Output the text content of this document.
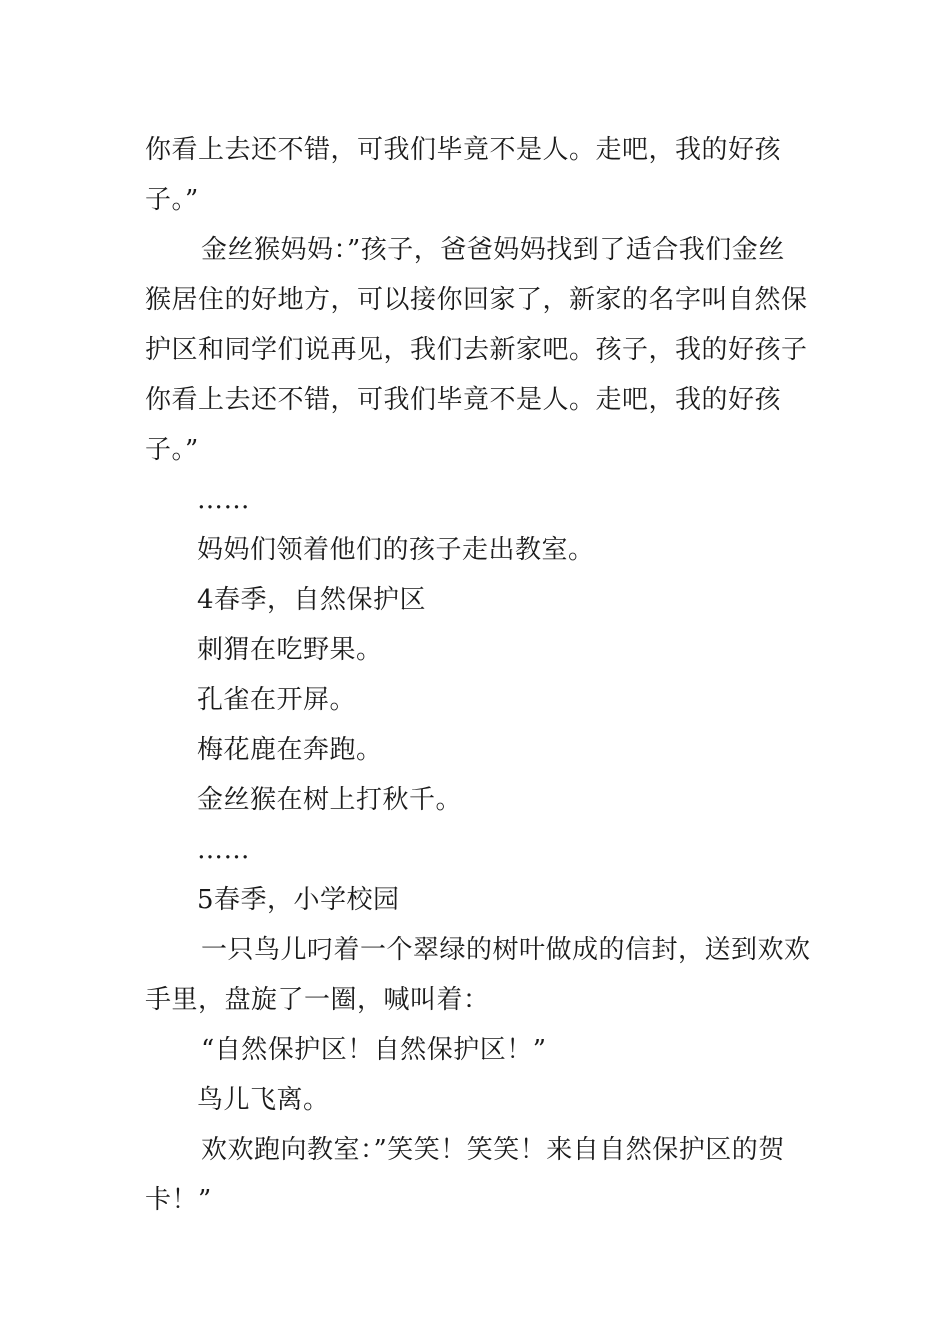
你看上去还不错，可我们毕竟不是人。走吧，我的好孩
子。”
金丝猴妈妈：”孩子，爸爸妈妈找到了适合我们金丝
猴居住的好地方，可以接你回家了，新家的名字叫自然保
护区和同学们说再见，我们去新家吧。孩子，我的好孩子
你看上去还不错，可我们毕竟不是人。走吧，我的好孩
子。”
……
妈妈们领着他们的孩子走出教室。
4春季，自然保护区
刺猬在吃野果。
孔雀在开屏。
梅花鹿在奔跑。
金丝猴在树上打秋千。
……
5春季，小学校园
一只鸟儿叼着一个翠绿的树叶做成的信封，送到欢欢
手里，盘旋了一圈，喊叫着：
“自然保护区！自然保护区！”
鸟儿飞离。
欢欢跑向教室：”笑笑！笑笑！来自自然保护区的贺
卡！”
